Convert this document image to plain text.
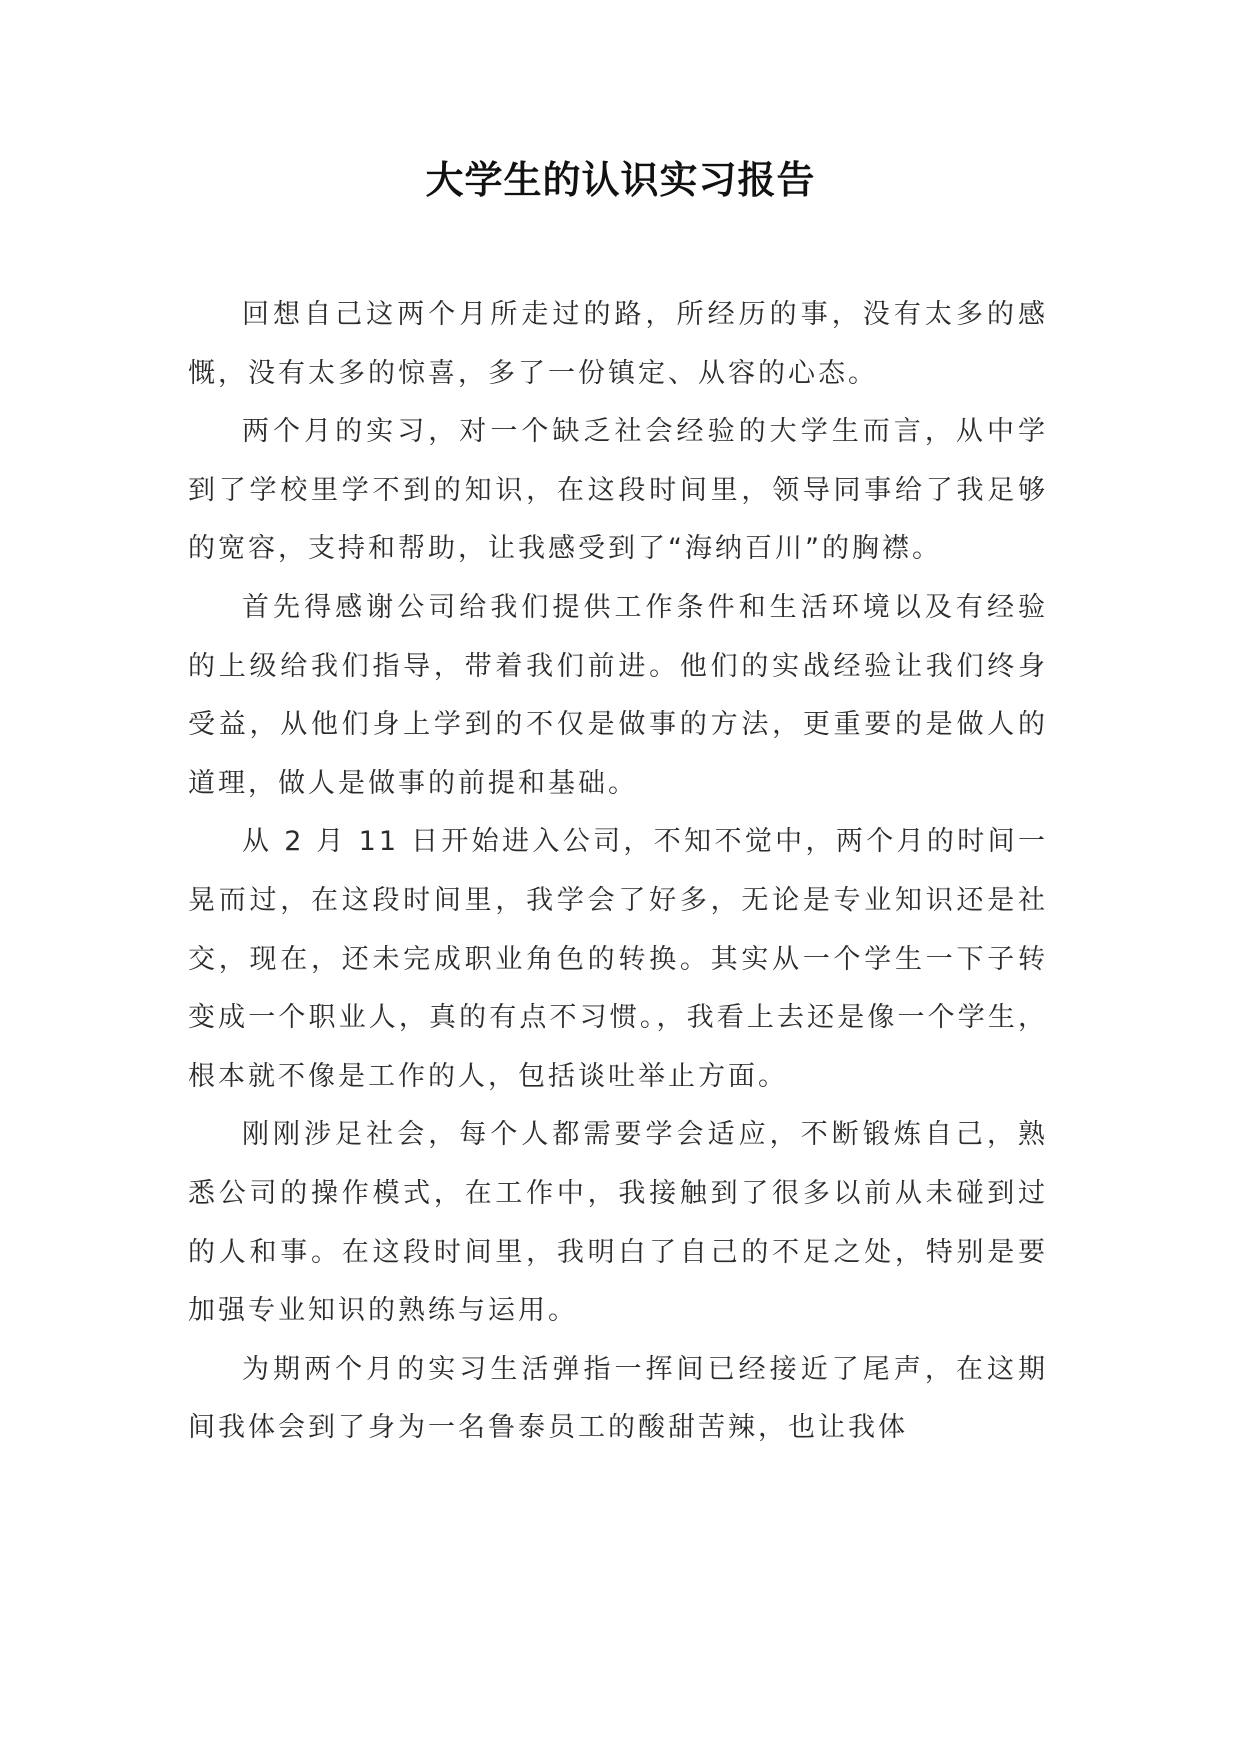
大学生的认识实习报告

回想自己这两个月所走过的路，所经历的事，没有太多的感慨，没有太多的惊喜，多了一份镇定、从容的心态。

两个月的实习，对一个缺乏社会经验的大学生而言，从中学到了学校里学不到的知识，在这段时间里，领导同事给了我足够的宽容，支持和帮助，让我感受到了“海纳百川”的胸襟。

首先得感谢公司给我们提供工作条件和生活环境以及有经验的上级给我们指导，带着我们前进。他们的实战经验让我们终身受益，从他们身上学到的不仅是做事的方法，更重要的是做人的道理，做人是做事的前提和基础。

从 2 月 11 日开始进入公司，不知不觉中，两个月的时间一晃而过，在这段时间里，我学会了好多，无论是专业知识还是社交，现在，还未完成职业角色的转换。其实从一个学生一下子转变成一个职业人，真的有点不习惯。，我看上去还是像一个学生，根本就不像是工作的人，包括谈吐举止方面。

刚刚涉足社会，每个人都需要学会适应，不断锻炼自己，熟悉公司的操作模式，在工作中，我接触到了很多以前从未碰到过的人和事。在这段时间里，我明白了自己的不足之处，特别是要加强专业知识的熟练与运用。

为期两个月的实习生活弹指一挥间已经接近了尾声，在这期间我体会到了身为一名鲁泰员工的酸甜苦辣，也让我体
